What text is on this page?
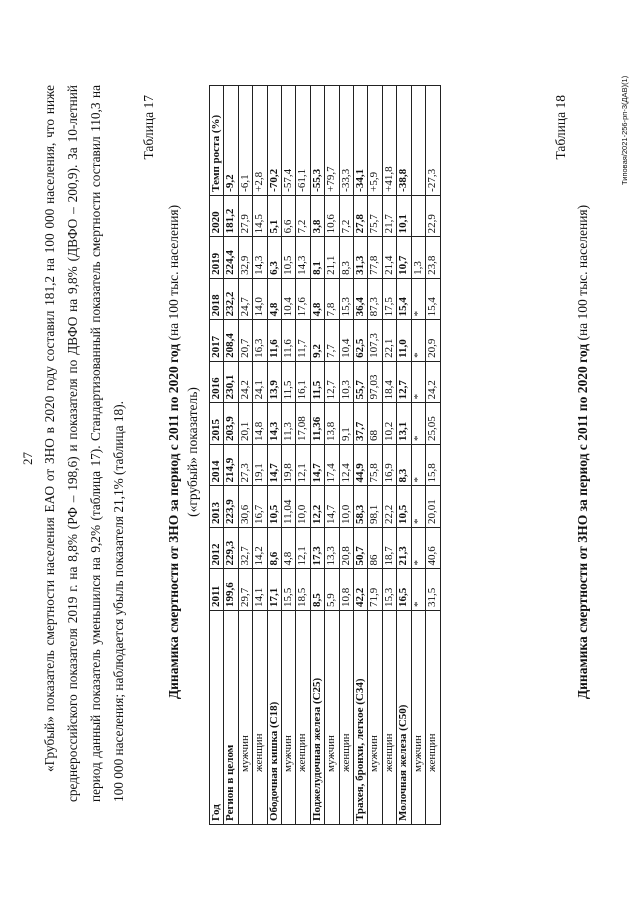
27 «Грубый» показатель смертности населения ЕАО от ЗНО в 2020 году составил 181,2 на 100 000 населения, что ниже среднероссийского показателя 2019 г. на 8,8% (РФ – 198,6) и показателя по ДВФО на 9,8% (ДВФО – 200,9). За 10-летний период данный показатель уменьшился на 9,2% (таблица 17). Стандартизованный показатель смертности составил 110,3 на 100 000 населения; наблюдается убыль показателя 21,1% (таблица 18).
Таблица 17
Динамика смертности от ЗНО за период с 2011 по 2020 год (на 100 тыс. населения)
(«грубый» показатель)
Год	2011	2012	2013	2014	2015	2016	2017	2018	2019	2020	Темп роста (%)
Регион в целом	199,6	229,3	223,9	214,9	203,9	230,1	208,4	232,2	224,4	181,2	-9,2
мужчин	29,7	32,7	30,6	27,3	20,1	24,2	20,7	24,7	32,9	27,9	-6,1
женщин	14,1	14,2	16,7	19,1	14,8	24,1	16,3	14,0	14,3	14,5	+2,8
Ободочная кишка (С18)	17,1	8,6	10,5	14,7	14,3	13,9	11,6	4,8	6,3	5,1	-70,2
мужчин	15,5	4,8	11,04	19,8	11,3	11,5	11,6	10,4	10,5	6,6	-57,4
женщин	18,5	12,1	10,0	12,1	17,08	16,1	11,7	17,6	14,3	7,2	-61,1
Поджелудочная железа (С25)	8,5	17,3	12,2	14,7	11,36	11,5	9,2	4,8	8,1	3,8	-55,3
мужчин	5,9	13,3	14,7	17,4	13,8	12,7	7,7	7,8	21,1	10,6	+79,7
женщин	10,8	20,8	10,0	12,4	9,1	10,3	10,4	15,3	8,3	7,2	-33,3
Трахея, бронхи, легкое (С34)	42,2	50,7	58,3	44,9	37,7	55,7	62,5	36,4	31,3	27,8	-34,1
мужчин	71,9	86	98,1	75,8	68	97,03	107,3	87,3	77,8	75,7	+5,9
женщин	15,3	18,7	22,2	16,9	10,2	18,4	22,1	17,5	21,4	21,7	+41,8
Молочная железа (С50)	16,5	21,3	10,5	8,3	13,1	12,7	11,0	15,4	10,7	10,1	-38,8
мужчин	*	*	*	*	*	*	*	*	1,3		
женщин	31,5	40,6	20,01	15,8	25,05	24,2	20,9	15,4	23,8	22,9	-27,3
Таблица 18
Динамика смертности от ЗНО за период с 2011 по 2020 год (на 100 тыс. населения)
Типовая/2021-256-рп-3(ДАВ)(1)
